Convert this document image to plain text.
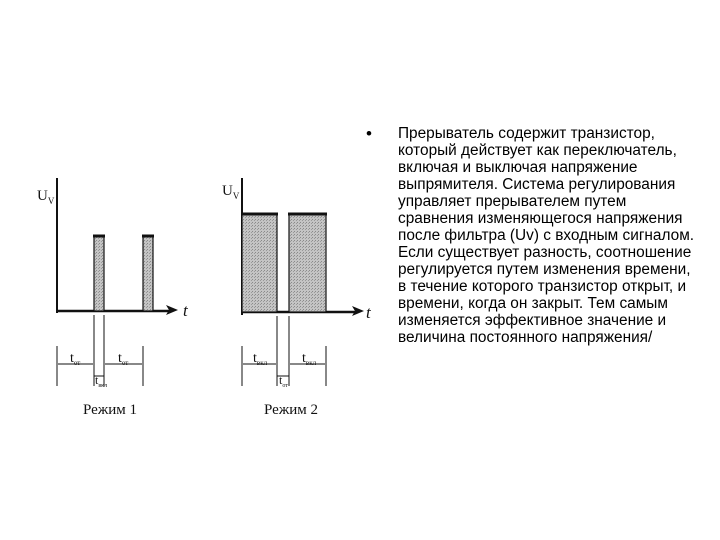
$U_V$
t
$t_{от}$
$t_{вкл}$
$t_{от}$
Режим 1
$U_V$
t
$t_{вкл}$
$t_{от}$
$t_{вкл}$
Режим 2
• Прерыватель содержит транзистор, который действует как переключатель, включая и выключая напряжение выпрямителя. Система регулирования управляет прерывателем путем сравнения изменяющегося напряжения после фильтра (Uv) с входным сигналом. Если существует разность, соотношение регулируется путем изменения времени, в течение которого транзистор открыт, и времени, когда он закрыт. Тем самым изменяется эффективное значение и величина постоянного напряжения/
